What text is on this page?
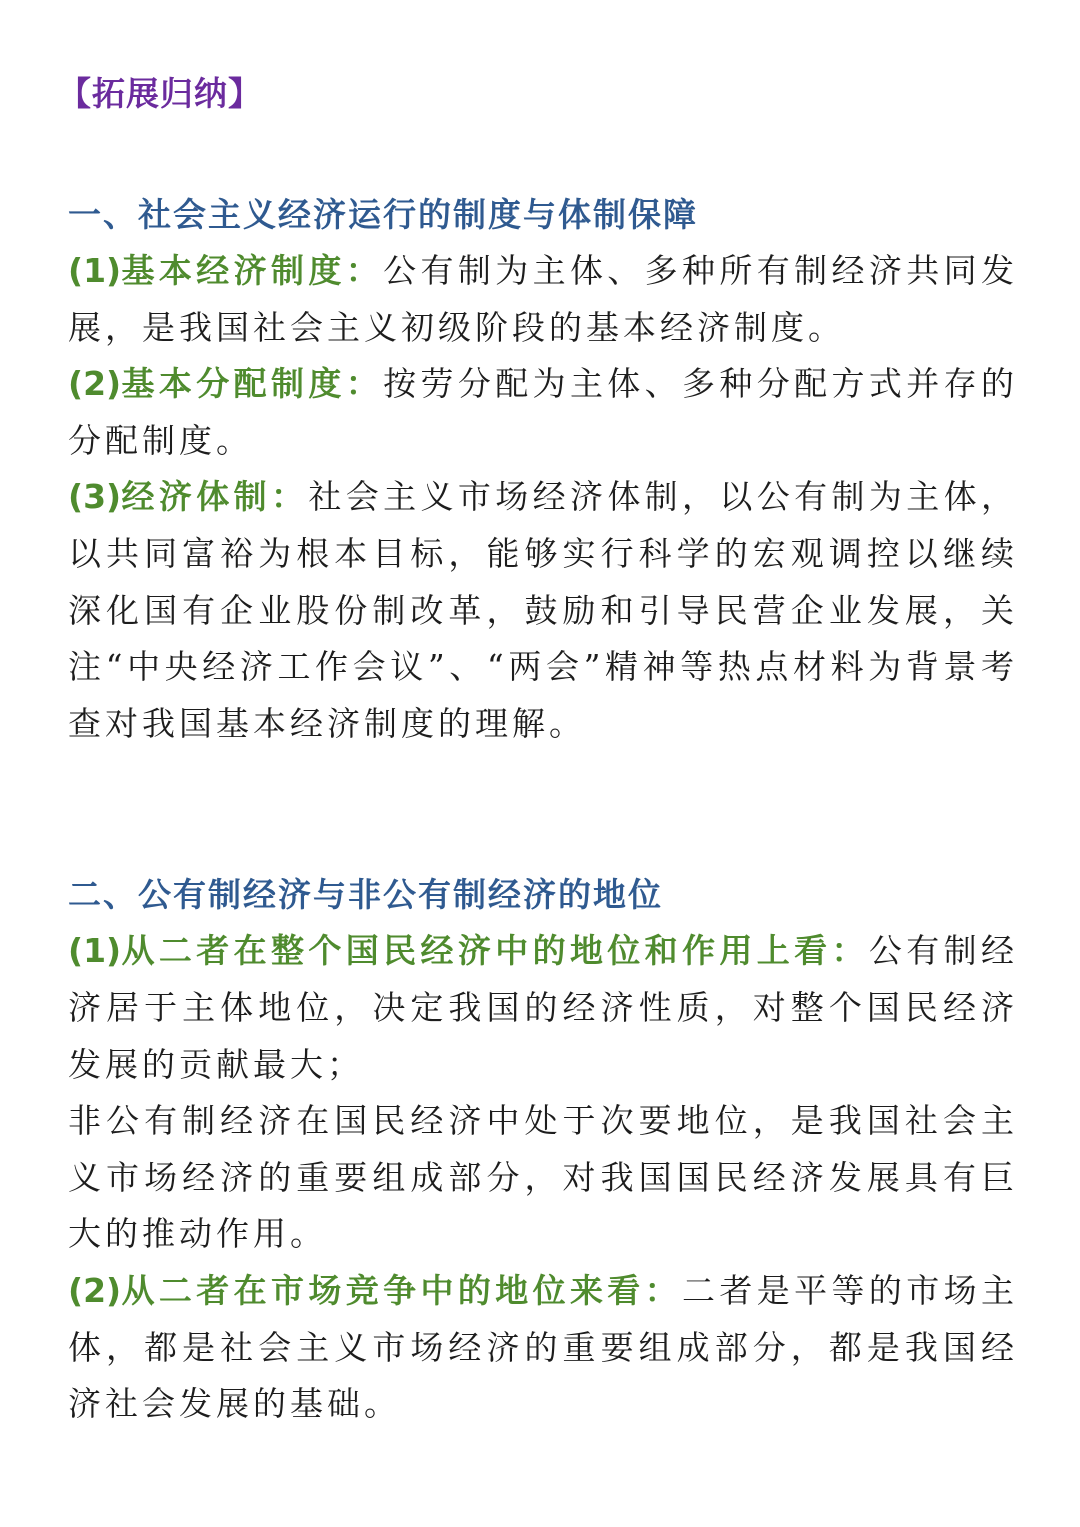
【拓展归纳】

一、社会主义经济运行的制度与体制保障

(1)基本经济制度：公有制为主体、多种所有制经济共同发展，是我国社会主义初级阶段的基本经济制度。

(2)基本分配制度：按劳分配为主体、多种分配方式并存的分配制度。

(3)经济体制：社会主义市场经济体制，以公有制为主体，以共同富裕为根本目标，能够实行科学的宏观调控以继续深化国有企业股份制改革，鼓励和引导民营企业发展，关注“中央经济工作会议”、“两会”精神等热点材料为背景考查对我国基本经济制度的理解。

二、公有制经济与非公有制经济的地位

(1)从二者在整个国民经济中的地位和作用上看：公有制经济居于主体地位，决定我国的经济性质，对整个国民经济发展的贡献最大；

非公有制经济在国民经济中处于次要地位，是我国社会主义市场经济的重要组成部分，对我国国民经济发展具有巨大的推动作用。

(2)从二者在市场竞争中的地位来看：二者是平等的市场主体，都是社会主义市场经济的重要组成部分，都是我国经济社会发展的基础。
